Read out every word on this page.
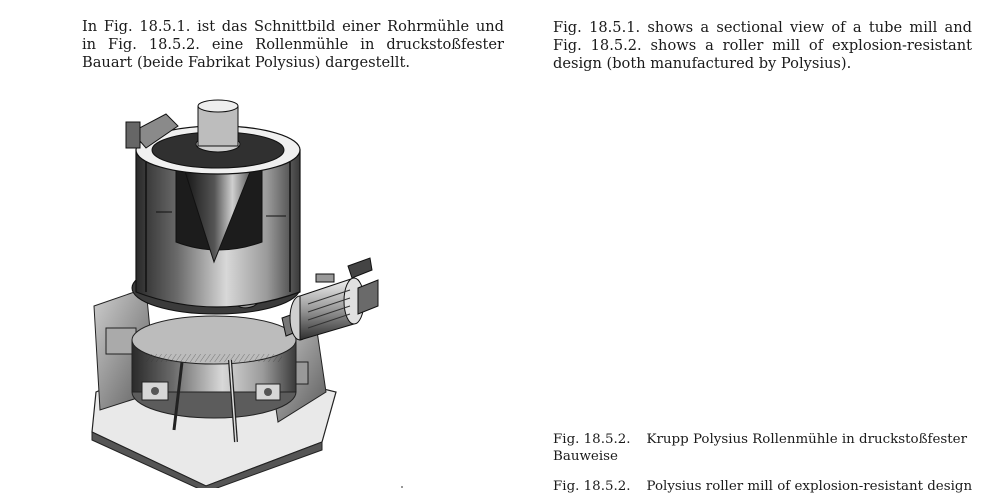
In Fig. 18.5.1. ist das Schnittbild einer Rohrmühle und in Fig. 18.5.2. eine Rollenmühle in druckstoßfester Bauart (beide Fabrikat Polysius) dargestellt.

Fig. 18.5.1. shows a sectional view of a tube mill and Fig. 18.5.2. shows a roller mill of explosion-resistant design (both manufactured by Polysius).

Fig. 18.5.2. Krupp Polysius Rollenmühle in druckstoßfester Bauweise

Fig. 18.5.2. Polysius roller mill of explosion-resistant design
